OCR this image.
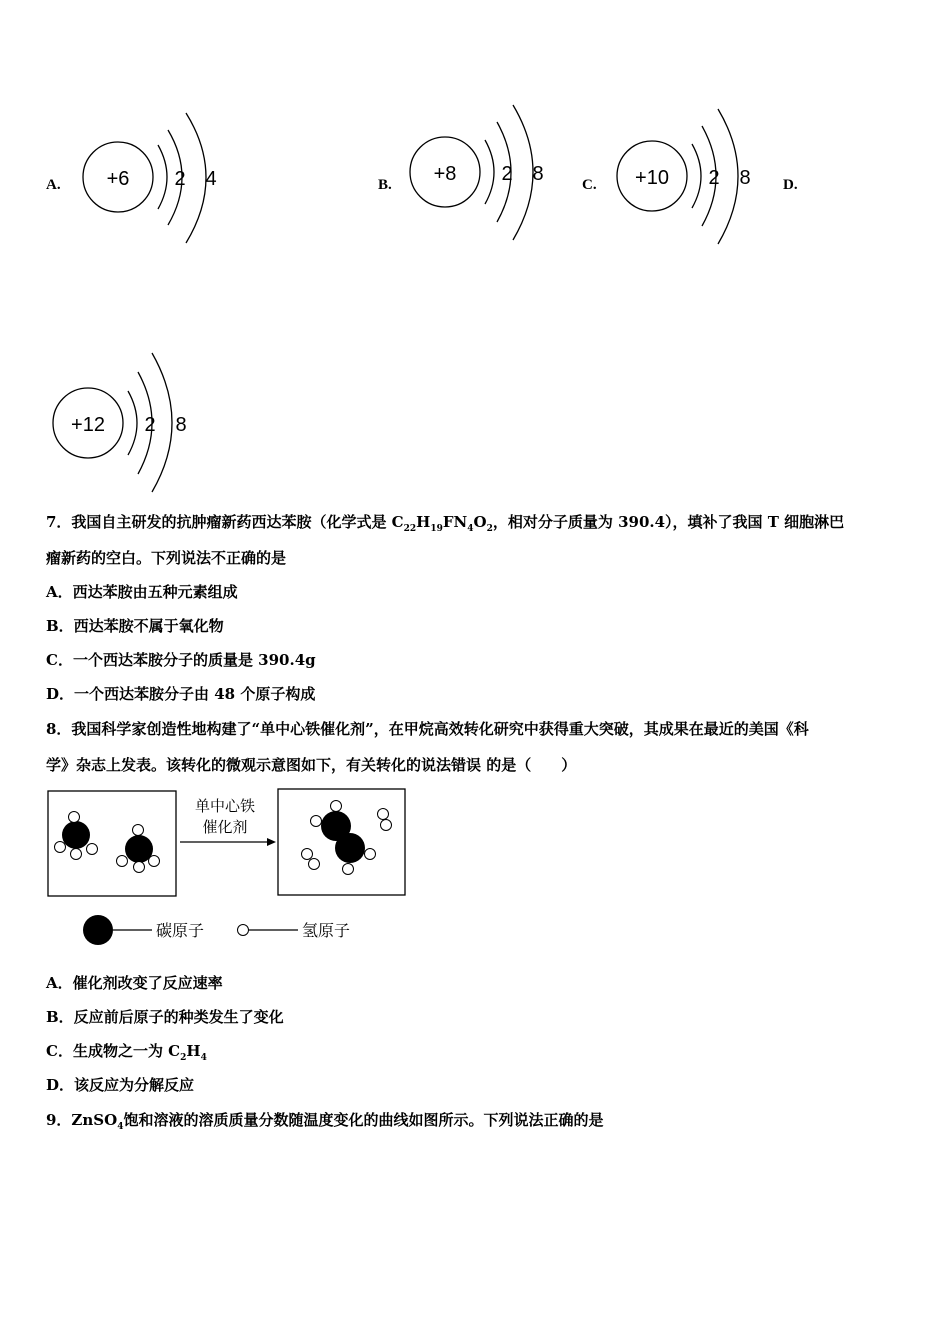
A. +6 2 4	B. +8 2 8	C. +10 2 8 D.
+12 2 8
7．我国自主研发的抗肿瘤新药西达苯胺（化学式是 $C_{22}H_{19}FN_4O_2$，相对分子质量为 390.4），填补了我国 T 细胞淋巴
瘤新药的空白。下列说法不正确的是
A．西达苯胺由五种元素组成
B．西达苯胺不属于氧化物
C．一个西达苯胺分子的质量是 390.4g
D．一个西达苯胺分子由 48 个原子构成
8．我国科学家创造性地构建了“单中心铁催化剂”，在甲烷高效转化研究中获得重大突破，其成果在最近的美国《科
学》杂志上发表。该转化的微观示意图如下，有关转化的说法错误 的是（　　）
单中心铁
催化剂
碳原子	氢原子
A．催化剂改变了反应速率
B．反应前后原子的种类发生了变化
C．生成物之一为 $C_2H_4$
D．该反应为分解反应
9．ZnSO$_4$饱和溶液的溶质质量分数随温度变化的曲线如图所示。下列说法正确的是
